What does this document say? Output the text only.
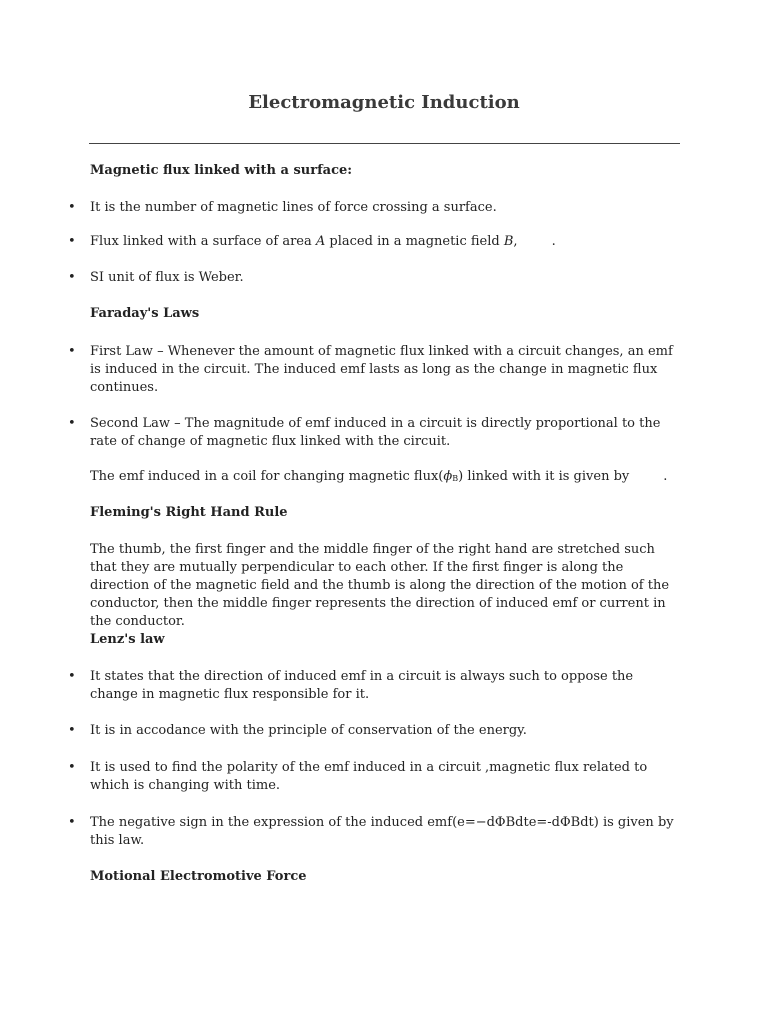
Electromagnetic Induction
Magnetic flux linked with a surface:
• It is the number of magnetic lines of force crossing a surface.
• Flux linked with a surface of area A placed in a magnetic field B,	.
• SI unit of flux is Weber.
Faraday's Laws
• First Law – Whenever the amount of magnetic flux linked with a circuit changes, an emf is induced in the circuit. The induced emf lasts as long as the change in magnetic flux continues.
• Second Law – The magnitude of emf induced in a circuit is directly proportional to the rate of change of magnetic flux linked with the circuit.
The emf induced in a coil for changing magnetic flux(ϕB) linked with it is given by	.
Fleming's Right Hand Rule
The thumb, the first finger and the middle finger of the right hand are stretched such that they are mutually perpendicular to each other. If the first finger is along the direction of the magnetic field and the thumb is along the direction of the motion of the conductor, then the middle finger represents the direction of induced emf or current in the conductor.
Lenz's law
• It states that the direction of induced emf in a circuit is always such to oppose the change in magnetic flux responsible for it.
• It is in accodance with the principle of conservation of the energy.
• It is used to find the polarity of the emf induced in a circuit ,magnetic flux related to which is changing with time.
• The negative sign in the expression of the induced emf(e=−dΦBdte=-dΦBdt) is given by this law.
Motional Electromotive Force
